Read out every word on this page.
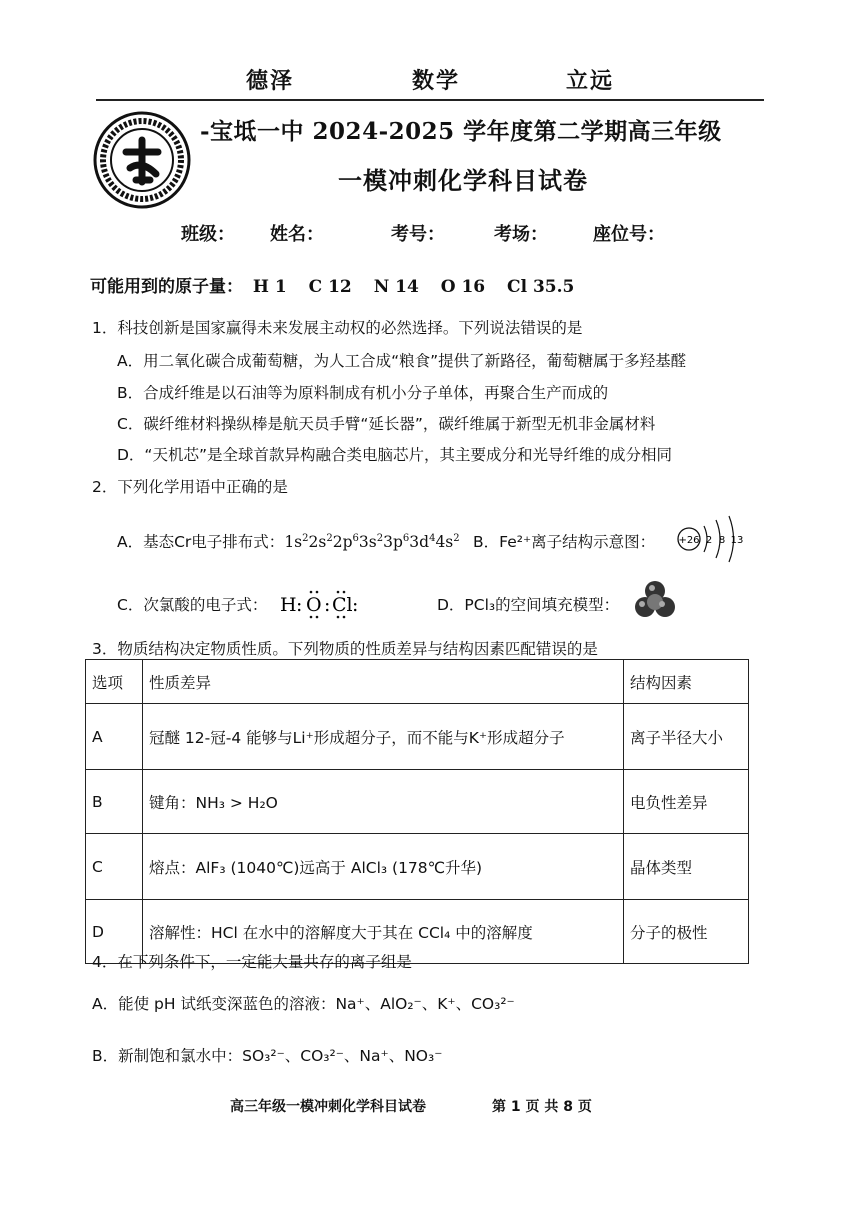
德泽	数学	立远
-宝坻一中 2024-2025 学年度第二学期高三年级
一模冲刺化学科目试卷
班级： 姓名：	考号：	考场：	座位号：
可能用到的原子量： H 1 C 12 N 14 O 16 Cl 35.5
1．科技创新是国家赢得未来发展主动权的必然选择。下列说法错误的是
A．用二氧化碳合成葡萄糖，为人工合成“粮食”提供了新路径，葡萄糖属于多羟基醛
B．合成纤维是以石油等为原料制成有机小分子单体，再聚合生产而成的
C．碳纤维材料操纵棒是航天员手臂“延长器”，碳纤维属于新型无机非金属材料
D．“天机芯”是全球首款异构融合类电脑芯片，其主要成分和光导纤维的成分相同
2．下列化学用语中正确的是
A．基态Cr电子排布式：$1s^22s^22p^63s^23p^63d^44s^2$ B．Fe²⁺离子结构示意图： +26 2 8 13
C．次氯酸的电子式： H : O : Cl :	D．PCl₃的空间填充模型：
3．物质结构决定物质性质。下列物质的性质差异与结构因素匹配错误的是
选项	性质差异	结构因素
A	冠醚 12-冠-4 能够与Li⁺形成超分子，而不能与K⁺形成超分子	离子半径大小
B	键角：NH₃ > H₂O	电负性差异
C	熔点：AlF₃ (1040℃)远高于 AlCl₃ (178℃升华)	晶体类型
D	溶解性：HCl 在水中的溶解度大于其在 CCl₄ 中的溶解度	分子的极性
4．在下列条件下，一定能大量共存的离子组是
A．能使 pH 试纸变深蓝色的溶液：Na⁺、AlO₂⁻、K⁺、CO₃²⁻
B．新制饱和氯水中：SO₃²⁻、CO₃²⁻、Na⁺、NO₃⁻
高三年级一模冲刺化学科目试卷	第 1 页 共 8 页
